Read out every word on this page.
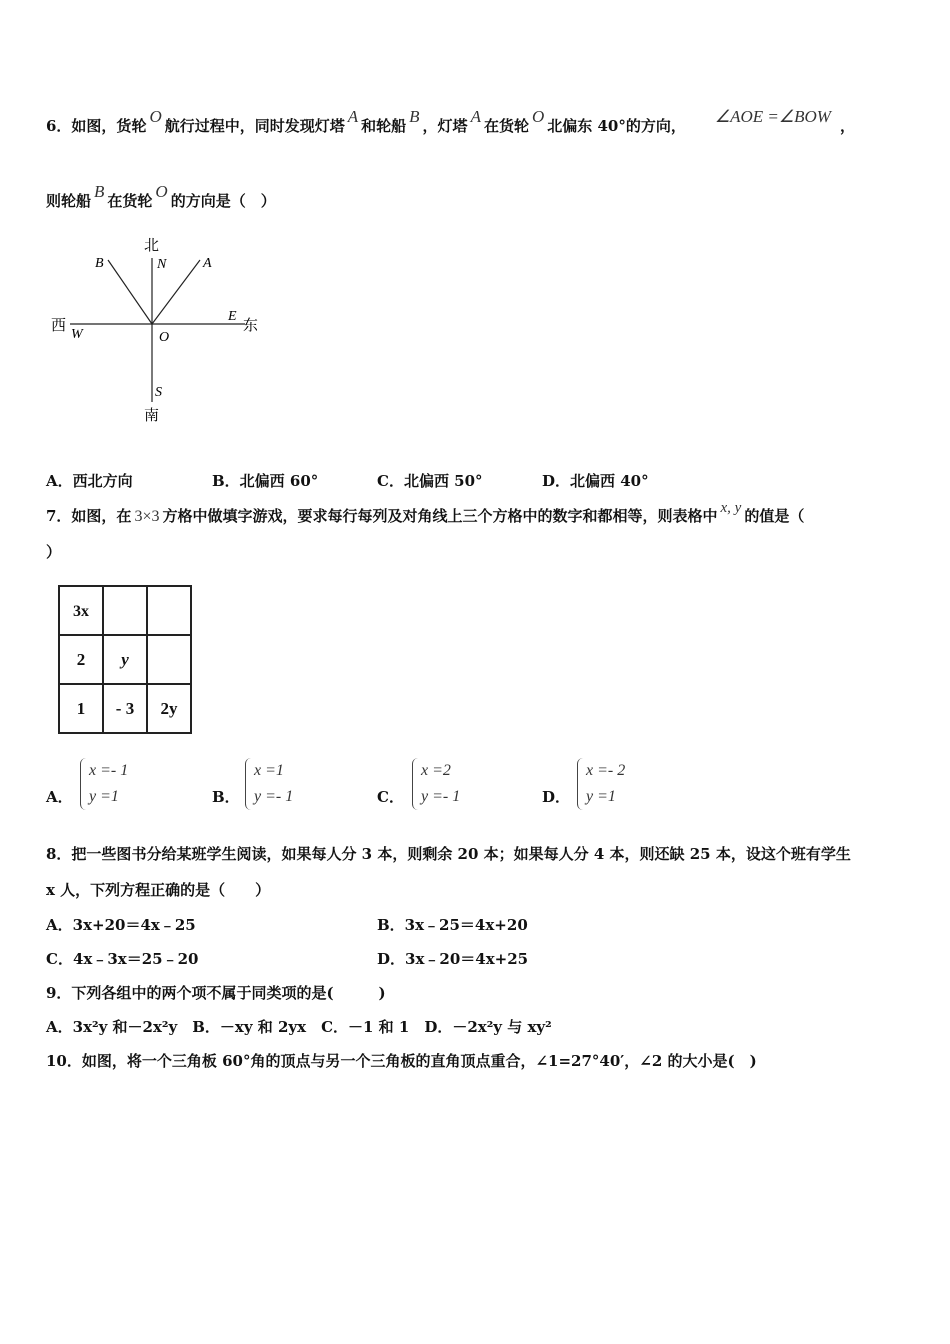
6．如图，货轮 O 航行过程中，同时发现灯塔 A 和轮船 B ，灯塔 A 在货轮 O 北偏东 40°的方向， ∠AOE =∠BOW ，
则轮船 B 在货轮 O 的方向是（　）
北
南
西	东
N
S
E
W	O
A
B
A．西北方向	B．北偏西 60°	C．北偏西 50°	D．北偏西 40°
7．如图，在 3×3 方格中做填字游戏，要求每行每列及对角线上三个方格中的数字和都相等，则表格中 x, y 的值是（
）
3x		
2	y	
1	- 3	2y
A．
x =- 1
y =1	B．
x =1
y =- 1	C．
x =2
y =- 1	D．
x =- 2
y =1
8．把一些图书分给某班学生阅读，如果每人分 3 本，则剩余 20 本；如果每人分 4 本，则还缺 25 本，设这个班有学生
x 人，下列方程正确的是（　　）
A．3x+20＝4x﹣25	B．3x﹣25＝4x+20
C．4x﹣3x＝25﹣20	D．3x﹣20＝4x+25
9．下列各组中的两个项不属于同类项的是(　　　)
A．3x²y 和－2x²y　B．－xy 和 2yx　C．－1 和 1　D．－2x²y 与 xy²
10．如图，将一个三角板 60°角的顶点与另一个三角板的直角顶点重合，∠1=27°40′，∠2 的大小是(　)
